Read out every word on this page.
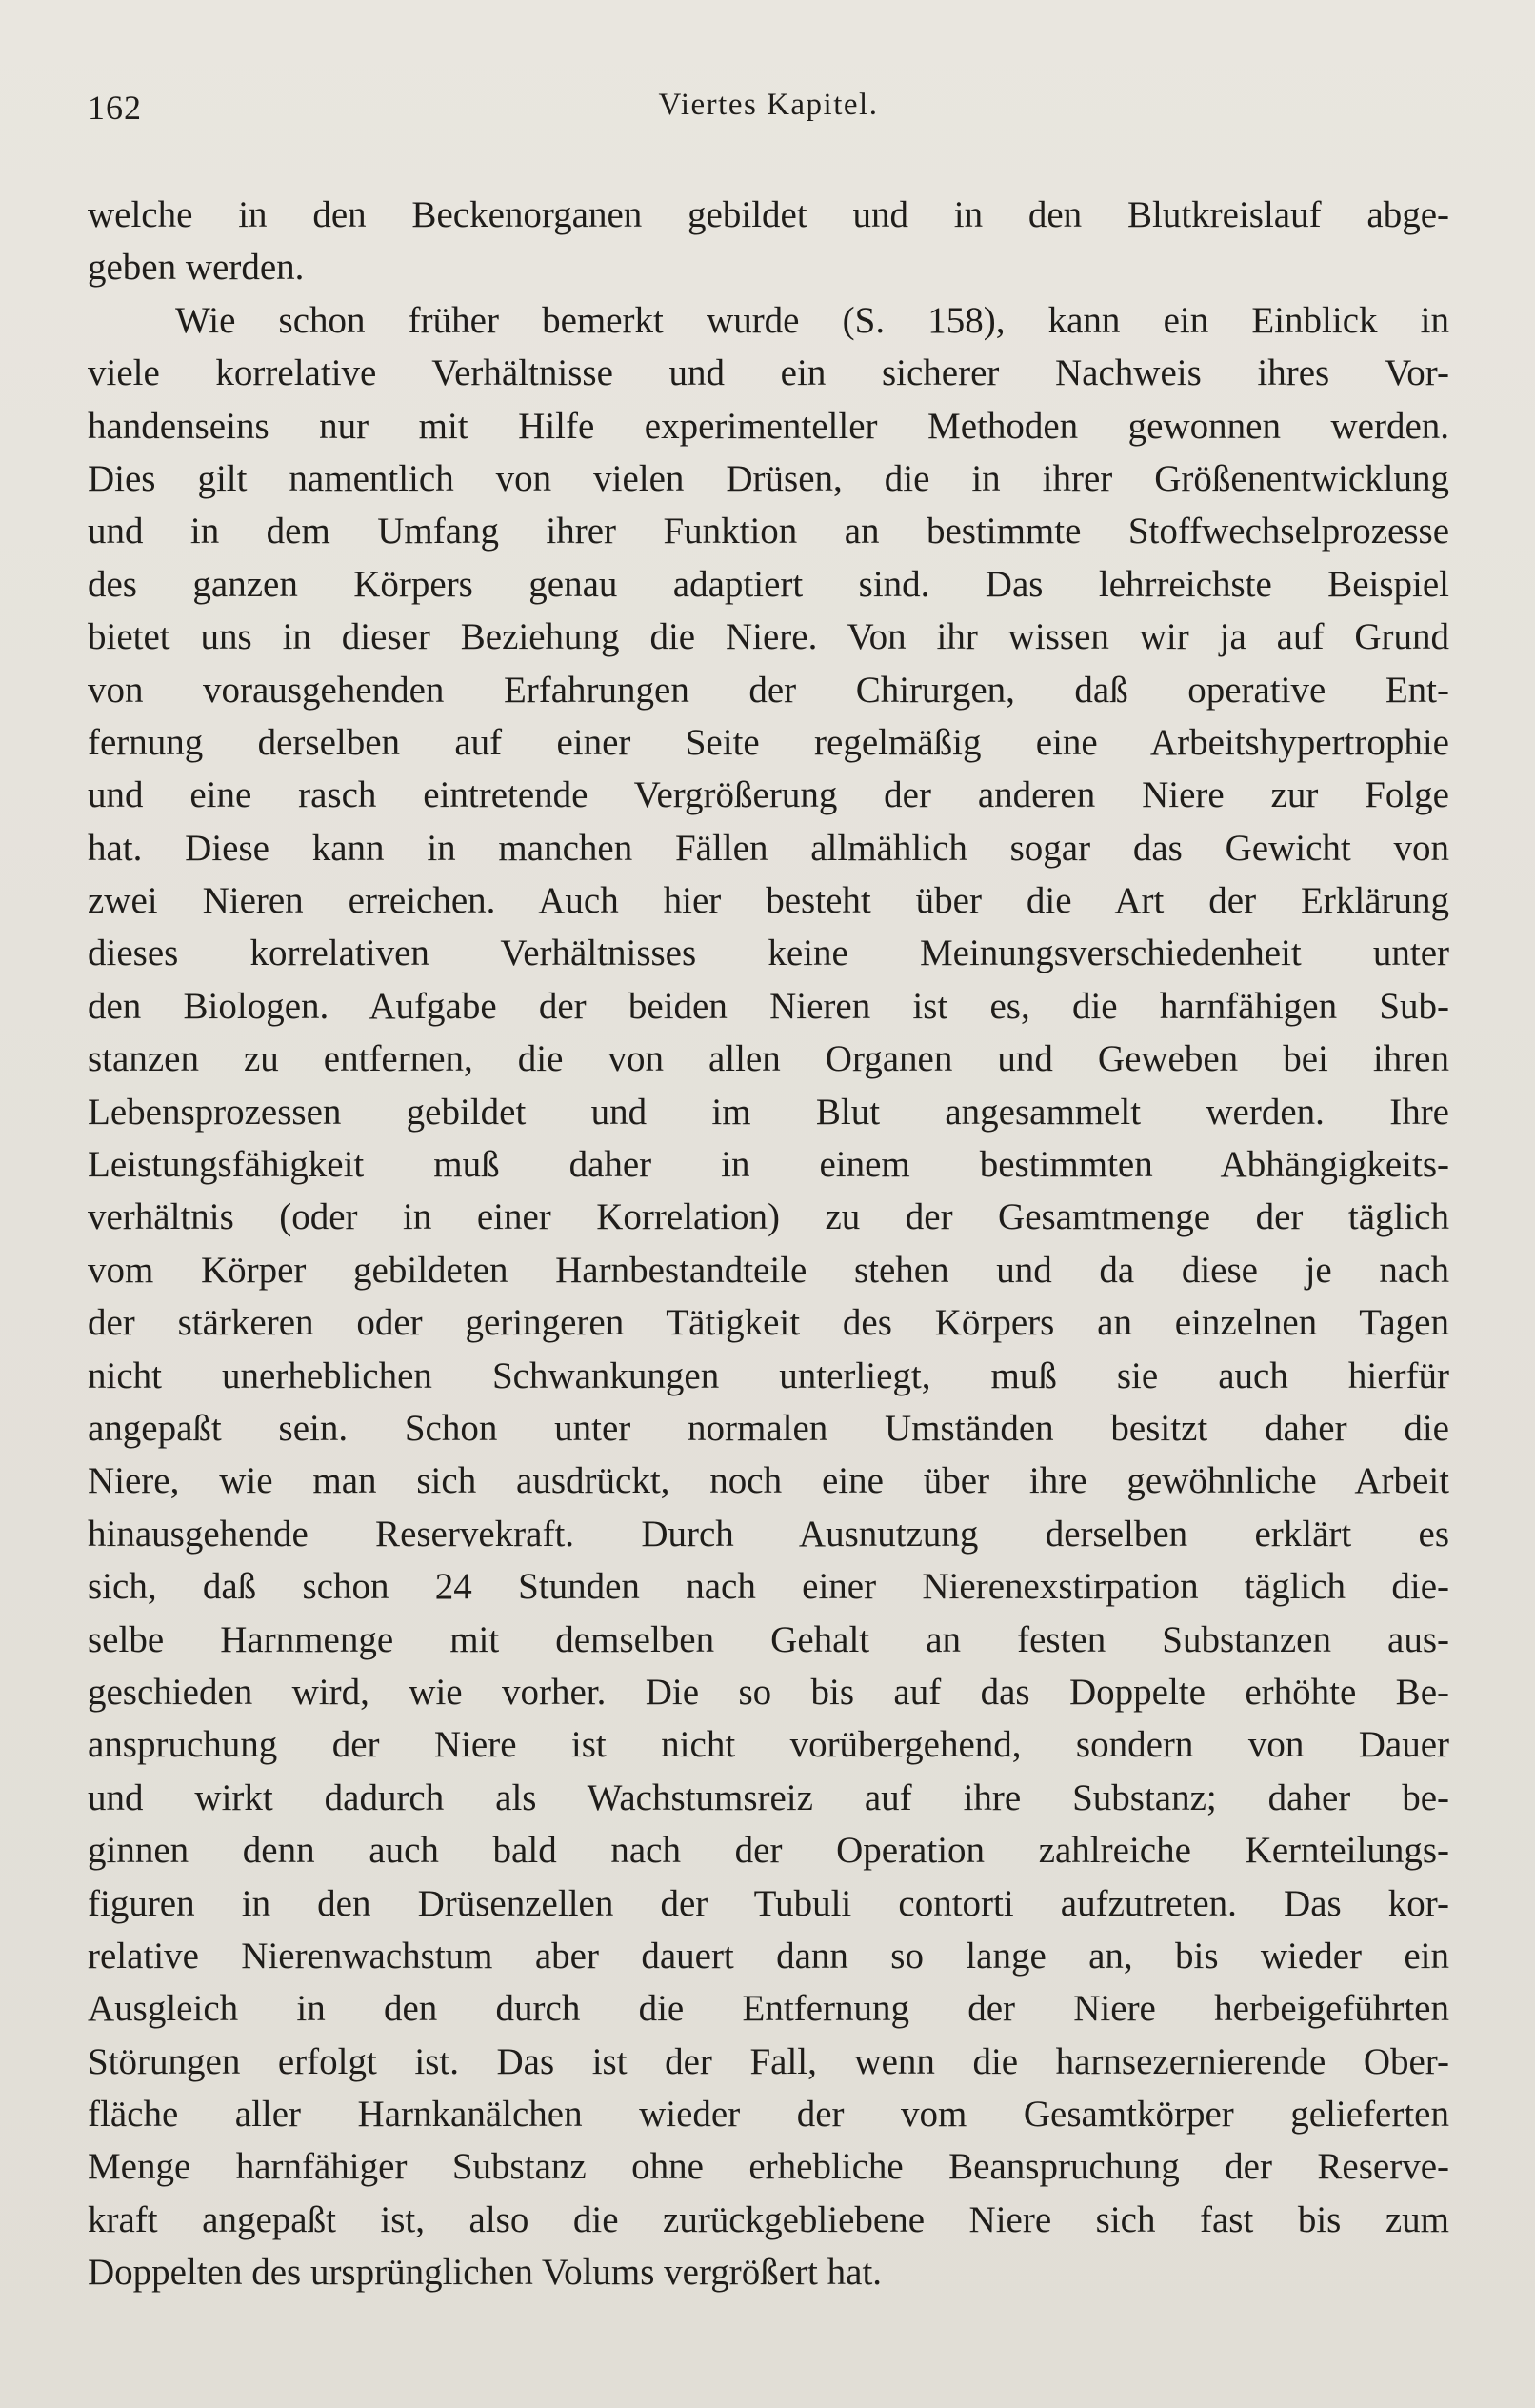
162	Viertes Kapitel.
welche in den Beckenorganen gebildet und in den Blutkreislauf abge-
geben werden.
Wie schon früher bemerkt wurde (S. 158), kann ein Einblick in
viele korrelative Verhältnisse und ein sicherer Nachweis ihres Vor-
handenseins nur mit Hilfe experimenteller Methoden gewonnen werden.
Dies gilt namentlich von vielen Drüsen, die in ihrer Größenentwicklung
und in dem Umfang ihrer Funktion an bestimmte Stoffwechselprozesse
des ganzen Körpers genau adaptiert sind. Das lehrreichste Beispiel
bietet uns in dieser Beziehung die Niere. Von ihr wissen wir ja auf Grund
von vorausgehenden Erfahrungen der Chirurgen, daß operative Ent-
fernung derselben auf einer Seite regelmäßig eine Arbeitshypertrophie
und eine rasch eintretende Vergrößerung der anderen Niere zur Folge
hat. Diese kann in manchen Fällen allmählich sogar das Gewicht von
zwei Nieren erreichen. Auch hier besteht über die Art der Erklärung
dieses korrelativen Verhältnisses keine Meinungsverschiedenheit unter
den Biologen. Aufgabe der beiden Nieren ist es, die harnfähigen Sub-
stanzen zu entfernen, die von allen Organen und Geweben bei ihren
Lebensprozessen gebildet und im Blut angesammelt werden. Ihre
Leistungsfähigkeit muß daher in einem bestimmten Abhängigkeits-
verhältnis (oder in einer Korrelation) zu der Gesamtmenge der täglich
vom Körper gebildeten Harnbestandteile stehen und da diese je nach
der stärkeren oder geringeren Tätigkeit des Körpers an einzelnen Tagen
nicht unerheblichen Schwankungen unterliegt, muß sie auch hierfür
angepaßt sein. Schon unter normalen Umständen besitzt daher die
Niere, wie man sich ausdrückt, noch eine über ihre gewöhnliche Arbeit
hinausgehende Reservekraft. Durch Ausnutzung derselben erklärt es
sich, daß schon 24 Stunden nach einer Nierenexstirpation täglich die-
selbe Harnmenge mit demselben Gehalt an festen Substanzen aus-
geschieden wird, wie vorher. Die so bis auf das Doppelte erhöhte Be-
anspruchung der Niere ist nicht vorübergehend, sondern von Dauer
und wirkt dadurch als Wachstumsreiz auf ihre Substanz; daher be-
ginnen denn auch bald nach der Operation zahlreiche Kernteilungs-
figuren in den Drüsenzellen der Tubuli contorti aufzutreten. Das kor-
relative Nierenwachstum aber dauert dann so lange an, bis wieder ein
Ausgleich in den durch die Entfernung der Niere herbeigeführten
Störungen erfolgt ist. Das ist der Fall, wenn die harnsezernierende Ober-
fläche aller Harnkanälchen wieder der vom Gesamtkörper gelieferten
Menge harnfähiger Substanz ohne erhebliche Beanspruchung der Reserve-
kraft angepaßt ist, also die zurückgebliebene Niere sich fast bis zum
Doppelten des ursprünglichen Volums vergrößert hat.
